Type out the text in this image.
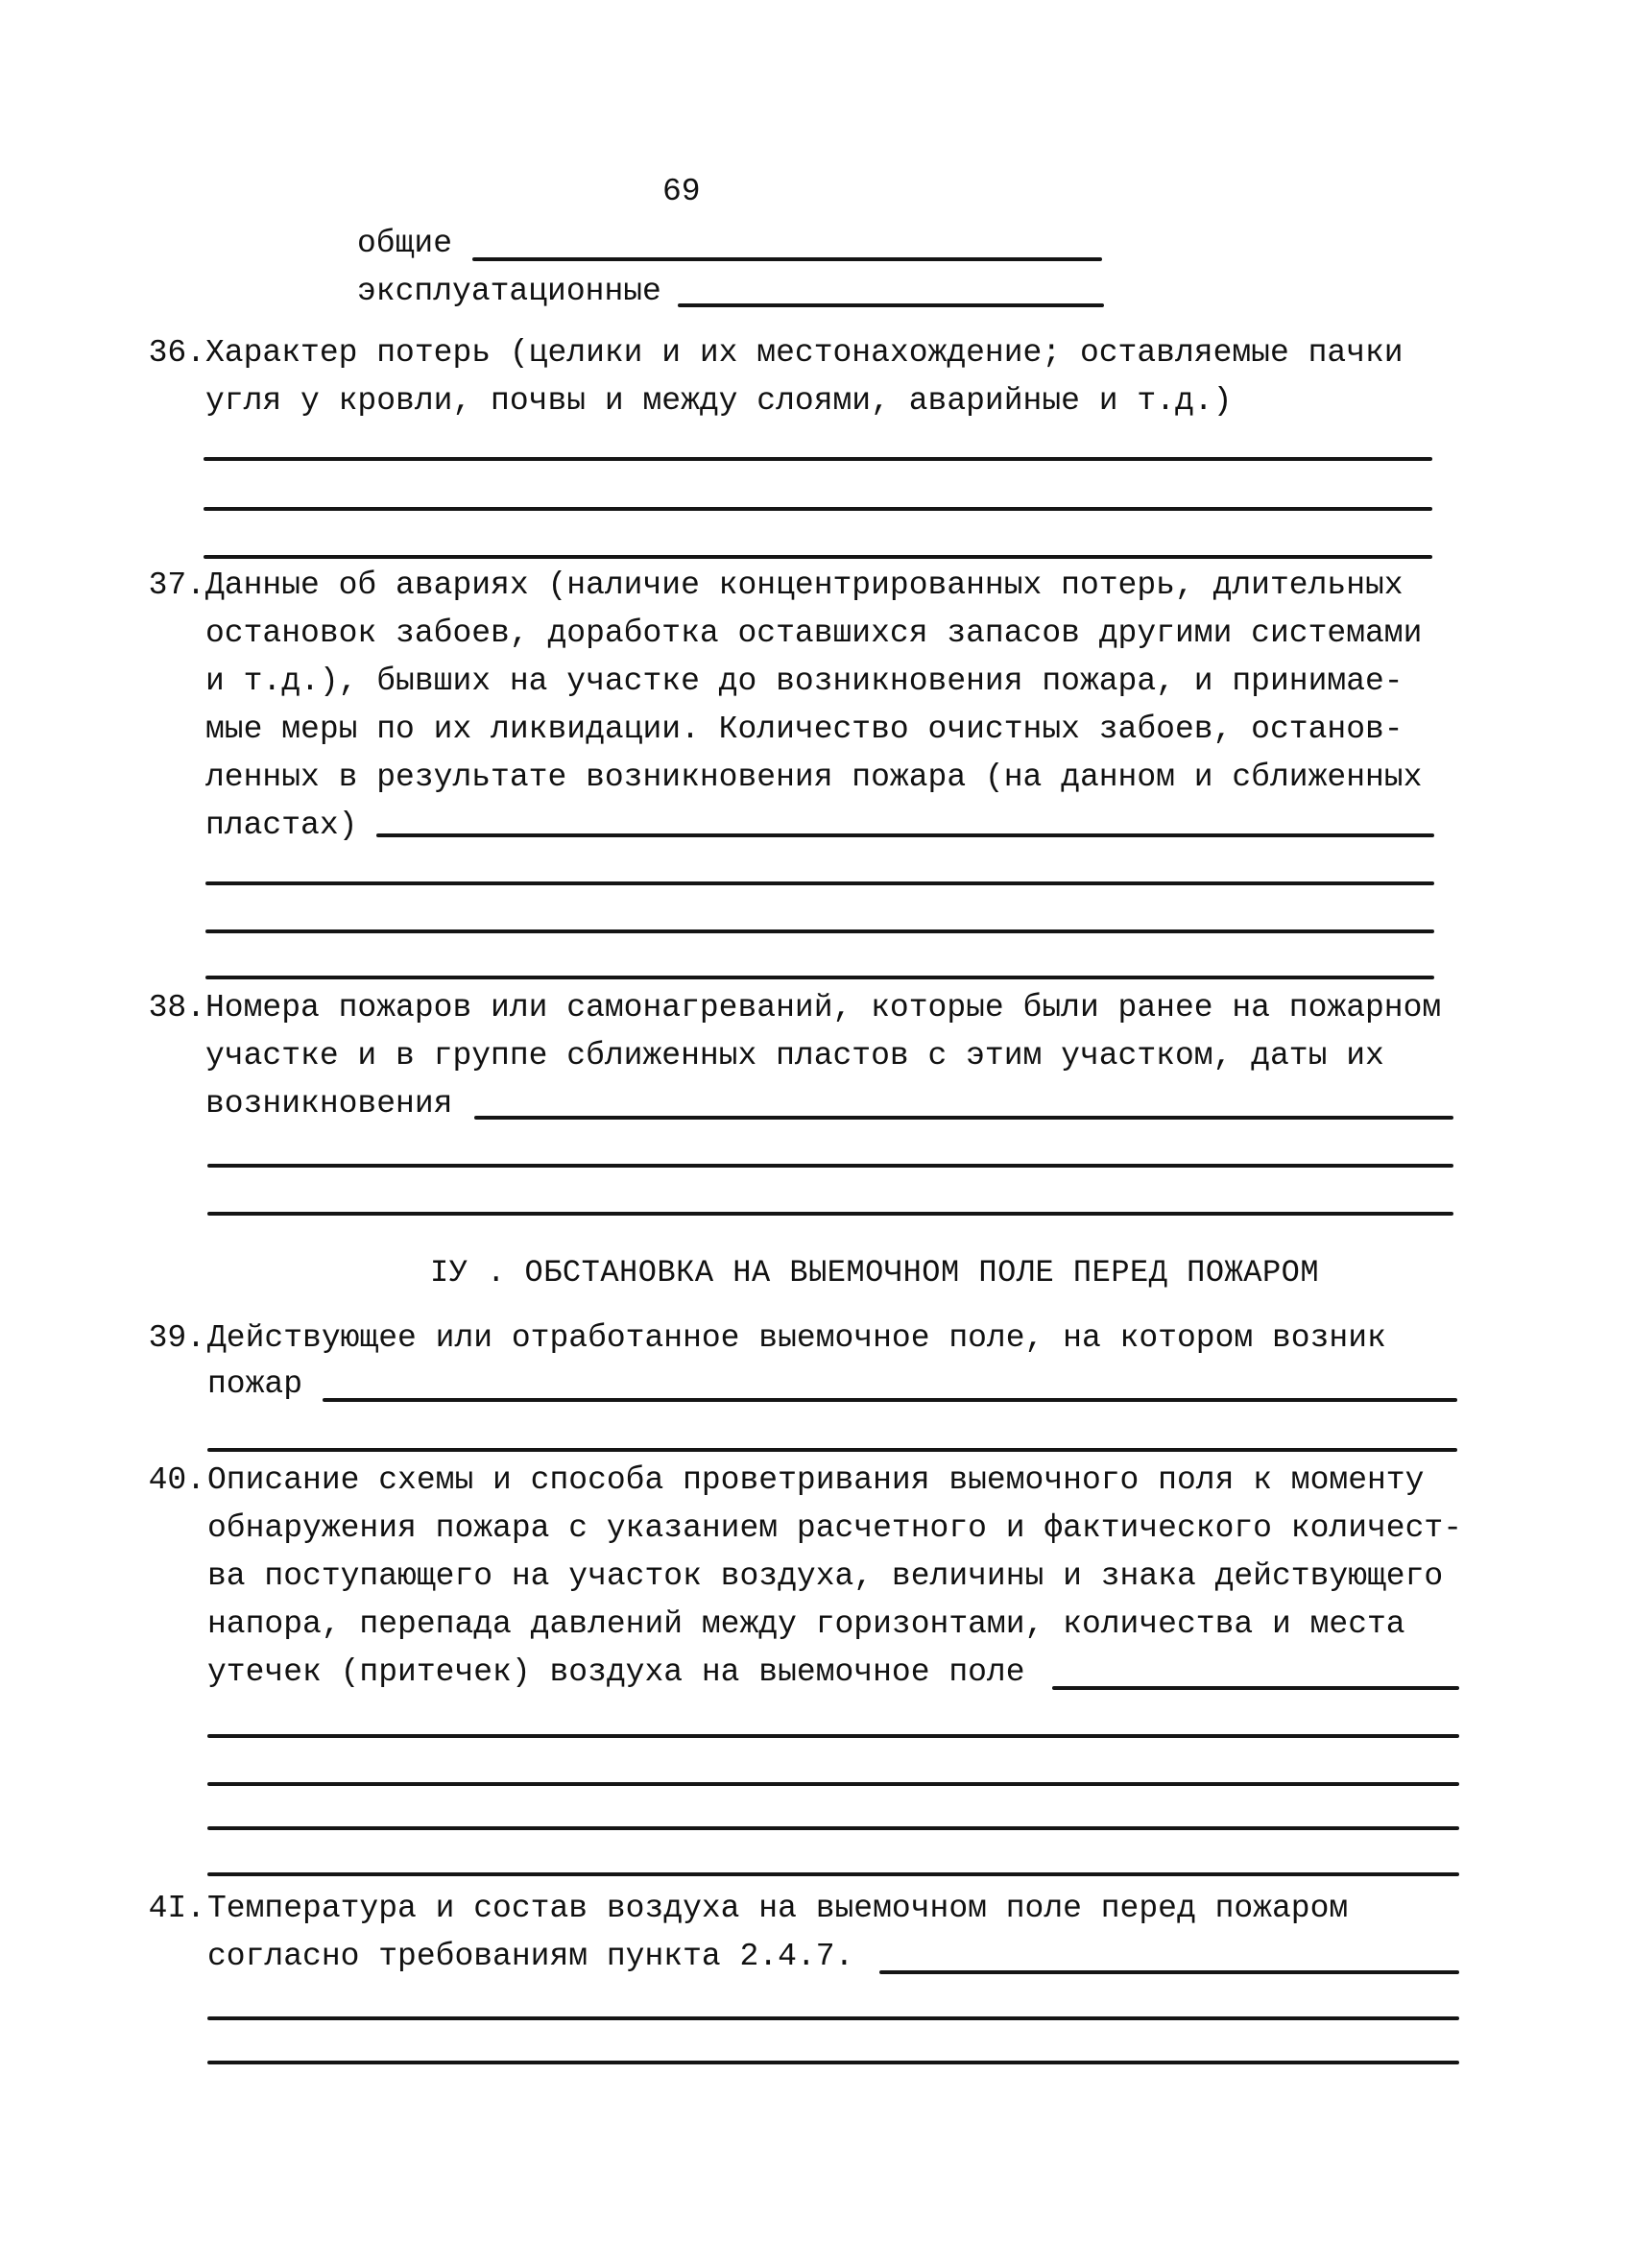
69
общие
эксплуатационные
36. Характер потерь (целики и их местонахождение; оставляемые пачки
угля у кровли, почвы и между слоями, аварийные и т.д.)
37. Данные об авариях (наличие концентрированных потерь, длительных
остановок забоев, доработка оставшихся запасов другими системами
и т.д.), бывших на участке до возникновения пожара, и принимае-
мые меры по их ликвидации. Количество очистных забоев, останов-
ленных в результате возникновения пожара (на данном и сближенных
пластах)
38. Номера пожаров или самонагреваний, которые были ранее на пожарном
участке и в группе сближенных пластов с этим участком, даты их
возникновения
IУ . ОБСТАНОВКА НА ВЫЕМОЧНОМ ПОЛЕ ПЕРЕД ПОЖАРОМ
39. Действующее или отработанное выемочное поле, на котором возник
пожар
40. Описание схемы и способа проветривания выемочного поля к моменту
обнаружения пожара с указанием расчетного и фактического количест-
ва поступающего на участок воздуха, величины и знака действующего
напора, перепада давлений между горизонтами, количества и места
утечек (притечек) воздуха на выемочное поле
4I. Температура и состав воздуха на выемочном поле перед пожаром
согласно требованиям пункта 2.4.7.
